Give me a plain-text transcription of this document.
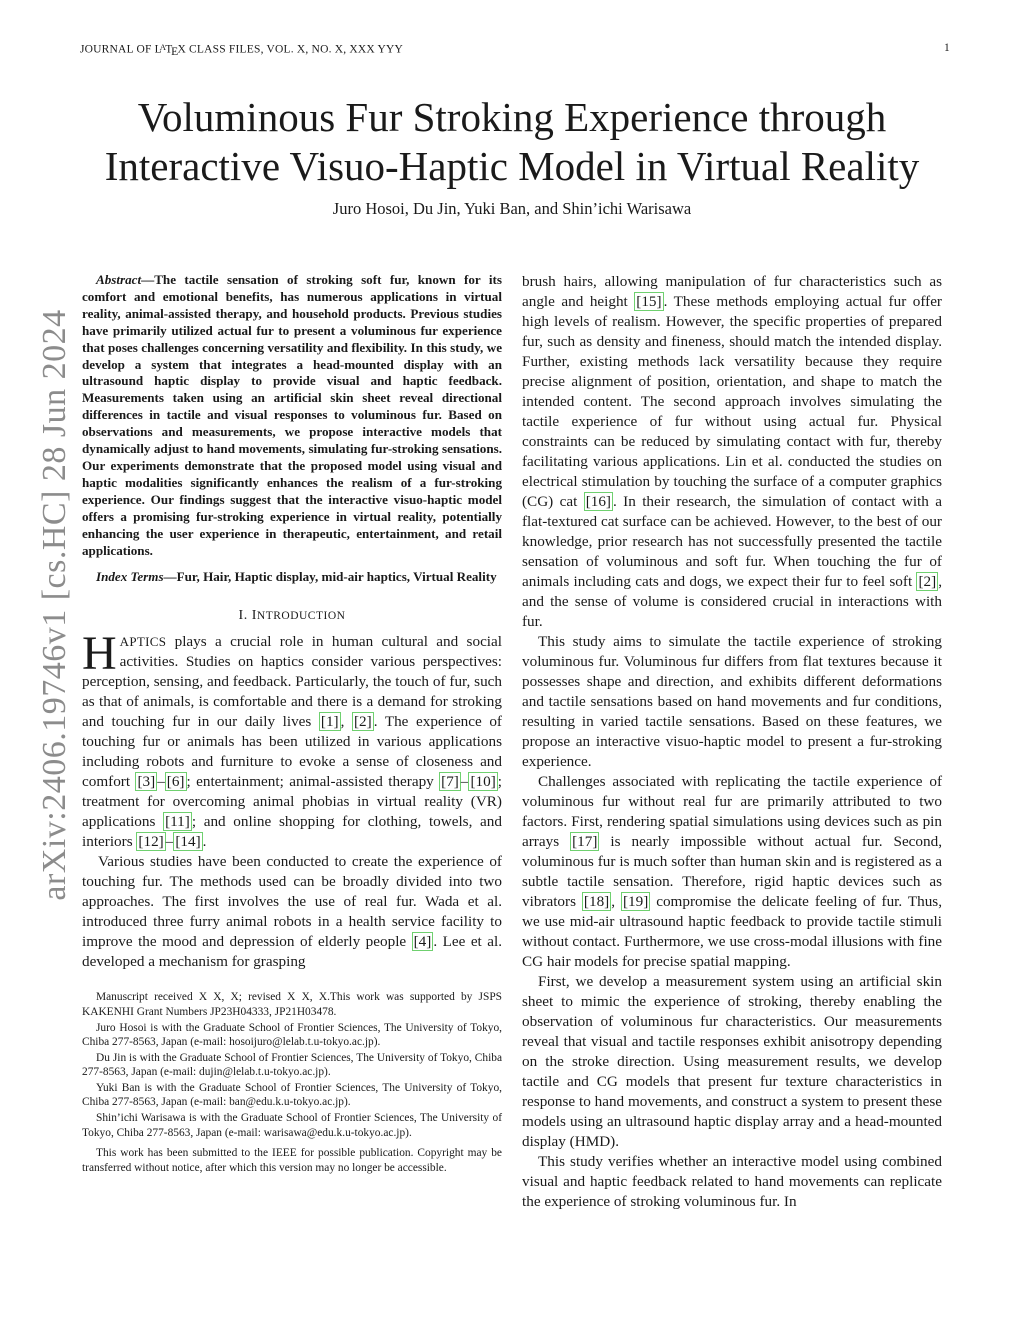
JOURNAL OF $L^ATEX$ CLASS FILES, VOL. X, NO. X, XXX YYY	1
Voluminous Fur Stroking Experience through
Interactive Visuo-Haptic Model in Virtual Reality
Juro Hosoi, Du Jin, Yuki Ban, and Shin’ichi Warisawa
arXiv:2406.19746v1 [cs.HC] 28 Jun 2024

Abstract—The tactile sensation of stroking soft fur, known for its comfort and emotional benefits, has numerous applications in virtual reality, animal-assisted therapy, and household products. Previous studies have primarily utilized actual fur to present a voluminous fur experience that poses challenges concerning versatility and flexibility. In this study, we develop a system that integrates a head-mounted display with an ultrasound haptic display to provide visual and haptic feedback. Measurements taken using an artificial skin sheet reveal directional differences in tactile and visual responses to voluminous fur. Based on observations and measurements, we propose interactive models that dynamically adjust to hand movements, simulating fur-stroking sensations. Our experiments demonstrate that the proposed model using visual and haptic modalities significantly enhances the realism of a fur-stroking experience. Our findings suggest that the interactive visuo-haptic model offers a promising fur-stroking experience in virtual reality, potentially enhancing the user experience in therapeutic, entertainment, and retail applications.

Index Terms—Fur, Hair, Haptic display, mid-air haptics, Virtual Reality

I. INTRODUCTION

HAPTICS plays a crucial role in human cultural and social activities. Studies on haptics consider various perspectives: perception, sensing, and feedback. Particularly, the touch of fur, such as that of animals, is comfortable and there is a demand for stroking and touching fur in our daily lives [1] , [2] . The experience of touching fur or animals has been utilized in various applications including robots and furniture to evoke a sense of closeness and comfort [3] – [6] ; entertainment; animal-assisted therapy [7] – [10] ; treatment for overcoming animal phobias in virtual reality (VR) applications [11] ; and online shopping for clothing, towels, and interiors [12] – [14] .

Various studies have been conducted to create the experience of touching fur. The methods used can be broadly divided into two approaches. The first involves the use of real fur. Wada et al. introduced three furry animal robots in a health service facility to improve the mood and depression of elderly people [4] . Lee et al. developed a mechanism for grasping

Manuscript received X X, X; revised X X, X.This work was supported by JSPS KAKENHI Grant Numbers JP23H04333, JP21H03478.

Juro Hosoi is with the Graduate School of Frontier Sciences, The University of Tokyo, Chiba 277-8563, Japan (e-mail: hosoijuro@lelab.t.u-tokyo.ac.jp).

Du Jin is with the Graduate School of Frontier Sciences, The University of Tokyo, Chiba 277-8563, Japan (e-mail: dujin@lelab.t.u-tokyo.ac.jp).

Yuki Ban is with the Graduate School of Frontier Sciences, The University of Tokyo, Chiba 277-8563, Japan (e-mail: ban@edu.k.u-tokyo.ac.jp).

Shin’ichi Warisawa is with the Graduate School of Frontier Sciences, The University of Tokyo, Chiba 277-8563, Japan (e-mail: warisawa@edu.k.u-tokyo.ac.jp).

This work has been submitted to the IEEE for possible publication. Copyright may be transferred without notice, after which this version may no longer be accessible.

brush hairs, allowing manipulation of fur characteristics such as angle and height [15] . These methods employing actual fur offer high levels of realism. However, the specific properties of prepared fur, such as density and fineness, should match the intended display. Further, existing methods lack versatility because they require precise alignment of position, orientation, and shape to match the intended content. The second approach involves simulating the tactile experience of fur without using actual fur. Physical constraints can be reduced by simulating contact with fur, thereby facilitating various applications. Lin et al. conducted the studies on electrical stimulation by touching the surface of a computer graphics (CG) cat [16] . In their research, the simulation of contact with a flat-textured cat surface can be achieved. However, to the best of our knowledge, prior research has not successfully presented the tactile sensation of voluminous and soft fur. When touching the fur of animals including cats and dogs, we expect their fur to feel soft [2] , and the sense of volume is considered crucial in interactions with fur.

This study aims to simulate the tactile experience of stroking voluminous fur. Voluminous fur differs from flat textures because it possesses shape and direction, and exhibits different deformations and tactile sensations based on hand movements and fur conditions, resulting in varied tactile sensations. Based on these features, we propose an interactive visuo-haptic model to present a fur-stroking experience.

Challenges associated with replicating the tactile experience of voluminous fur without real fur are primarily attributed to two factors. First, rendering spatial simulations using devices such as pin arrays [17] is nearly impossible without actual fur. Second, voluminous fur is much softer than human skin and is registered as a subtle tactile sensation. Therefore, rigid haptic devices such as vibrators [18] , [19] compromise the delicate feeling of fur. Thus, we use mid-air ultrasound haptic feedback to provide tactile stimuli without contact. Furthermore, we use cross-modal illusions with fine CG hair models for precise spatial mapping.

First, we develop a measurement system using an artificial skin sheet to mimic the experience of stroking, thereby enabling the observation of voluminous fur characteristics. Our measurements reveal that visual and tactile responses exhibit anisotropy depending on the stroke direction. Using measurement results, we develop tactile and CG models that present fur texture characteristics in response to hand movements, and construct a system to present these models using an ultrasound haptic display array and a head-mounted display (HMD).

This study verifies whether an interactive model using combined visual and haptic feedback related to hand movements can replicate the experience of stroking voluminous fur. In
